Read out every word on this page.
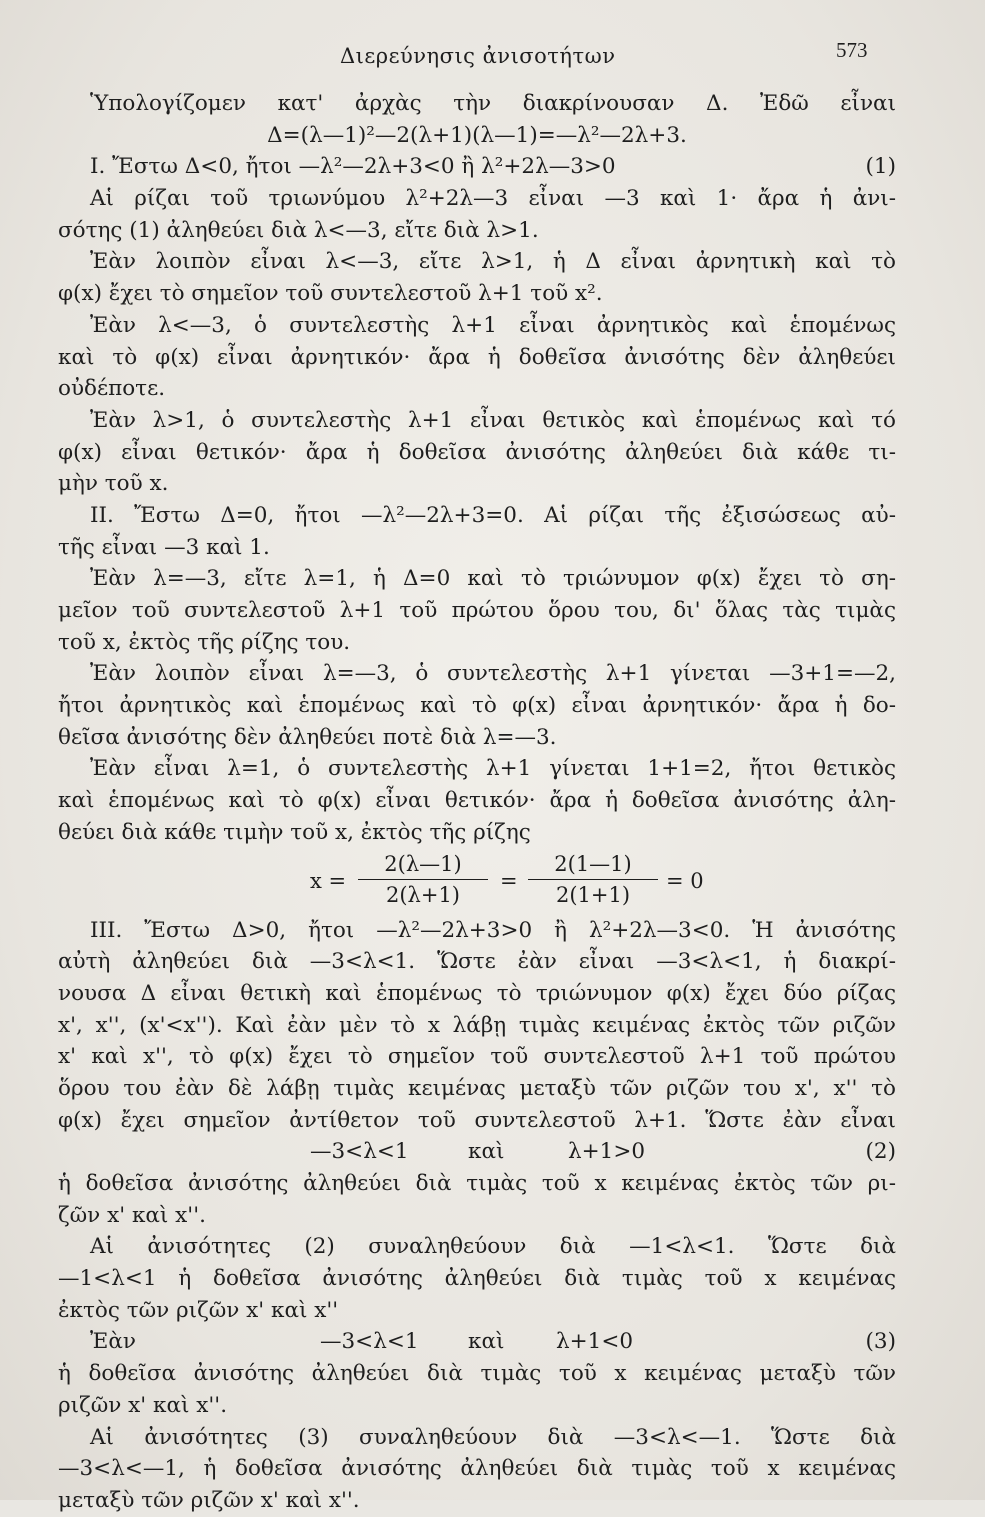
Διερεύνησις ἀνισοτήτων	573
Ὑπολογίζομεν κατ' ἀρχὰς τὴν διακρίνουσαν Δ. Ἐδῶ εἶναι
Δ=(λ—1)²—2(λ+1)(λ—1)=—λ²—2λ+3.
I. Ἔστω Δ<0, ἤτοι —λ²—2λ+3<0 ἢ λ²+2λ—3>0	(1)
Αἱ ρίζαι τοῦ τριωνύμου λ²+2λ—3 εἶναι —3 καὶ 1· ἄρα ἡ ἀνι-
σότης (1) ἀληθεύει διὰ λ<—3, εἴτε διὰ λ>1.
Ἐὰν λοιπὸν εἶναι λ<—3, εἴτε λ>1, ἡ Δ εἶναι ἀρνητικὴ καὶ τὸ
φ(x) ἔχει τὸ σημεῖον τοῦ συντελεστοῦ λ+1 τοῦ x².
Ἐὰν λ<—3, ὁ συντελεστὴς λ+1 εἶναι ἀρνητικὸς καὶ ἑπομένως
καὶ τὸ φ(x) εἶναι ἀρνητικόν· ἄρα ἡ δοθεῖσα ἀνισότης δὲν ἀληθεύει
οὐδέποτε.
Ἐὰν λ>1, ὁ συντελεστὴς λ+1 εἶναι θετικὸς καὶ ἑπομένως καὶ τό
φ(x) εἶναι θετικόν· ἄρα ἡ δοθεῖσα ἀνισότης ἀληθεύει διὰ κάθε τι-
μὴν τοῦ x.
II. Ἔστω Δ=0, ἤτοι —λ²—2λ+3=0. Αἱ ρίζαι τῆς ἐξισώσεως αὐ-
τῆς εἶναι —3 καὶ 1.
Ἐὰν λ=—3, εἴτε λ=1, ἡ Δ=0 καὶ τὸ τριώνυμον φ(x) ἔχει τὸ ση-
μεῖον τοῦ συντελεστοῦ λ+1 τοῦ πρώτου ὅρου του, δι' ὅλας τὰς τιμὰς
τοῦ x, ἐκτὸς τῆς ρίζης του.
Ἐὰν λοιπὸν εἶναι λ=—3, ὁ συντελεστὴς λ+1 γίνεται —3+1=—2,
ἤτοι ἀρνητικὸς καὶ ἑπομένως καὶ τὸ φ(x) εἶναι ἀρνητικόν· ἄρα ἡ δο-
θεῖσα ἀνισότης δὲν ἀληθεύει ποτὲ διὰ λ=—3.
Ἐὰν εἶναι λ=1, ὁ συντελεστὴς λ+1 γίνεται 1+1=2, ἤτοι θετικὸς
καὶ ἑπομένως καὶ τὸ φ(x) εἶναι θετικόν· ἄρα ἡ δοθεῖσα ἀνισότης ἀλη-
θεύει διὰ κάθε τιμὴν τοῦ x, ἐκτὸς τῆς ρίζης
$x = \frac{2(\lambda—1)}{2(\lambda+1)} = \frac{2(1—1)}{2(1+1)} = 0$
III. Ἔστω Δ>0, ἤτοι —λ²—2λ+3>0 ἢ λ²+2λ—3<0. Ἡ ἀνισότης
αὐτὴ ἀληθεύει διὰ —3<λ<1. Ὥστε ἐὰν εἶναι —3<λ<1, ἡ διακρί-
νουσα Δ εἶναι θετικὴ καὶ ἑπομένως τὸ τριώνυμον φ(x) ἔχει δύο ρίζας
x', x'', (x'<x''). Καὶ ἐὰν μὲν τὸ x λάβῃ τιμὰς κειμένας ἐκτὸς τῶν ριζῶν
x' καὶ x'', τὸ φ(x) ἔχει τὸ σημεῖον τοῦ συντελεστοῦ λ+1 τοῦ πρώτου
ὅρου του ἐὰν δὲ λάβῃ τιμὰς κειμένας μεταξὺ τῶν ριζῶν του x', x'' τὸ
φ(x) ἔχει σημεῖον ἀντίθετον τοῦ συντελεστοῦ λ+1. Ὥστε ἐὰν εἶναι
—3<λ<1	καὶ	λ+1>0	(2)
ἡ δοθεῖσα ἀνισότης ἀληθεύει διὰ τιμὰς τοῦ x κειμένας ἐκτὸς τῶν ρι-
ζῶν x' καὶ x''.
Αἱ ἀνισότητες (2) συναληθεύουν διὰ —1<λ<1. Ὥστε διὰ
—1<λ<1 ἡ δοθεῖσα ἀνισότης ἀληθεύει διὰ τιμὰς τοῦ x κειμένας
ἐκτὸς τῶν ριζῶν x' καὶ x''
Ἐὰν	—3<λ<1 καὶ λ+1<0	(3)
ἡ δοθεῖσα ἀνισότης ἀληθεύει διὰ τιμὰς τοῦ x κειμένας μεταξὺ τῶν
ριζῶν x' καὶ x''.
Αἱ ἀνισότητες (3) συναληθεύουν διὰ —3<λ<—1. Ὥστε διὰ
—3<λ<—1, ἡ δοθεῖσα ἀνισότης ἀληθεύει διὰ τιμὰς τοῦ x κειμένας
μεταξὺ τῶν ριζῶν x' καὶ x''.
